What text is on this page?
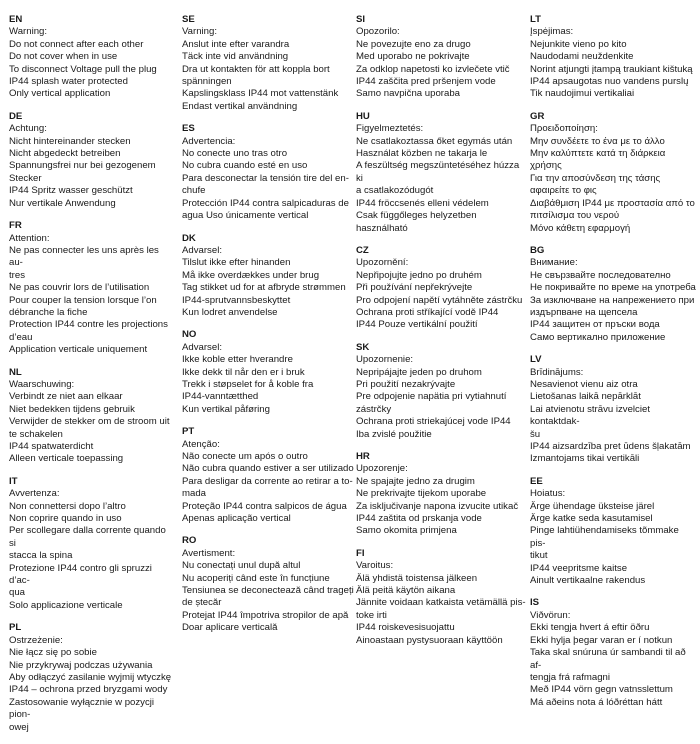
EN
Warning:
Do not connect after each other
Do not cover when in use
To disconnect Voltage pull the plug
IP44 splash water protected
Only vertical application
DE
Achtung:
Nicht hintereinander stecken
Nicht abgedeckt betreiben
Spannungsfrei nur bei gezogenem
Stecker
IP44 Spritz wasser geschützt
Nur vertikale Anwendung
FR
Attention:
Ne pas connecter les uns après les au-
tres
Ne pas couvrir lors de l’utilisation
Pour couper la tension lorsque l’on
débranche la fiche
Protection IP44 contre les projections
d’eau
Application verticale uniquement
NL
Waarschuwing:
Verbindt ze niet aan elkaar
Niet bedekken tijdens gebruik
Verwijder de stekker om de stroom uit
te schakelen
IP44 spatwaterdicht
Alleen verticale toepassing
IT
Avvertenza:
Non connettersi dopo l’altro
Non coprire quando in uso
Per scollegare dalla corrente quando si
stacca la spina
Protezione IP44 contro gli spruzzi d’ac-
qua
Solo applicazione verticale
PL
Ostrzeżenie:
Nie łącz się po sobie
Nie przykrywaj podczas używania
Aby odłączyć zasilanie wyjmij wtyczkę
IP44 – ochrona przed bryzgami wody
Zastosowanie wyłącznie w pozycji pion-
owej
SE
Varning:
Anslut inte efter varandra
Täck inte vid användning
Dra ut kontakten för att koppla bort
spänningen
Kapslingsklass IP44 mot vattenstänk
Endast vertikal användning
ES
Advertencia:
No conecte uno tras otro
No cubra cuando esté en uso
Para desconectar la tensión tire del en-
chufe
Protección IP44 contra salpicaduras de
agua Uso únicamente vertical
DK
Advarsel:
Tilslut ikke efter hinanden
Må ikke overdækkes under brug
Tag stikket ud for at afbryde strømmen
IP44-sprutvannsbeskyttet
Kun lodret anvendelse
NO
Advarsel:
Ikke koble etter hverandre
Ikke dekk til når den er i bruk
Trekk i støpselet for å koble fra
IP44-vanntætthed
Kun vertikal påføring
PT
Atenção:
Não conecte um após o outro
Não cubra quando estiver a ser utilizado
Para desligar da corrente ao retirar a to-
mada
Proteção IP44 contra salpicos de água
Apenas aplicação vertical
RO
Avertisment:
Nu conectați unul după altul
Nu acoperiți când este în funcțiune
Tensiunea se deconectează când trageți
de ștecăr
Protejat IP44 împotriva stropilor de apă
Doar aplicare verticală
SI
Opozorilo:
Ne povezujte eno za drugo
Med uporabo ne pokrivajte
Za odklop napetosti ko izvlečete vtič
IP44 zaščita pred pršenjem vode
Samo navpična uporaba
HU
Figyelmeztetés:
Ne csatlakoztassa őket egymás után
Használat közben ne takarja le
A feszültség megszüntetéséhez húzza ki
a csatlakozódugót
IP44 fröccsenés elleni védelem
Csak függőleges helyzetben használható
CZ
Upozornění:
Nepřipojujte jedno po druhém
Při používání nepřekrývejte
Pro odpojení napětí vytáhněte zástrčku
Ochrana proti stříkající vodě IP44
IP44 Pouze vertikální použití
SK
Upozornenie:
Nepripájajte jeden po druhom
Pri použití nezakrývajte
Pre odpojenie napätia pri vytiahnutí
zástrčky
Ochrana proti striekajúcej vode IP44
Iba zvislé použitie
HR
Upozorenje:
Ne spajajte jedno za drugim
Ne prekrivajte tijekom uporabe
Za isključivanje napona izvucite utikač
IP44 zaštita od prskanja vode
Samo okomita primjena
FI
Varoitus:
Älä yhdistä toistensa jälkeen
Älä peitä käytön aikana
Jännite voidaan katkaista vetämällä pis-
toke irti
IP44 roiskevesisuojattu
Ainoastaan pystysuoraan käyttöön
LT
Įspėjimas:
Nejunkite vieno po kito
Naudodami neuždenkite
Norint atjungti įtampą traukiant kištuką
IP44 apsaugotas nuo vandens purslų
Tik naudojimui vertikaliai
GR
Προειδοποίηση:
Μην συνδέετε το ένα με το άλλο
Μην καλύπτετε κατά τη διάρκεια
χρήσης
Για την αποσύνδεση της τάσης
αφαιρείτε το φις
Διαβάθμιση IP44 με προστασία από το
πιτσίλισμα του νερού
Μόνο κάθετη εφαρμογή
BG
Внимание:
Не свързвайте последователно
Не покривайте по време на употреба
За изключване на напрежението при
издърпване на щепсела
IP44 защитен от пръски вода
Само вертикално приложение
LV
Brīdinājums:
Nesavienot vienu aiz otra
Lietošanas laikā nepārklāt
Lai atvienotu strāvu izvelciet kontaktdak-
šu
IP44 aizsardzība pret ūdens šļakatām
Izmantojams tikai vertikāli
EE
Hoiatus:
Ärge ühendage üksteise järel
Ärge katke seda kasutamisel
Pinge lahtiühendamiseks tõmmake pis-
tikut
IP44 veepritsme kaitse
Ainult vertikaalne rakendus
IS
Viðvörun:
Ekki tengja hvert á eftir öðru
Ekki hylja þegar varan er í notkun
Taka skal snúruna úr sambandi til að af-
tengja frá rafmagni
Með IP44 vörn gegn vatnsslettum
Má aðeins nota á lóðréttan hátt
